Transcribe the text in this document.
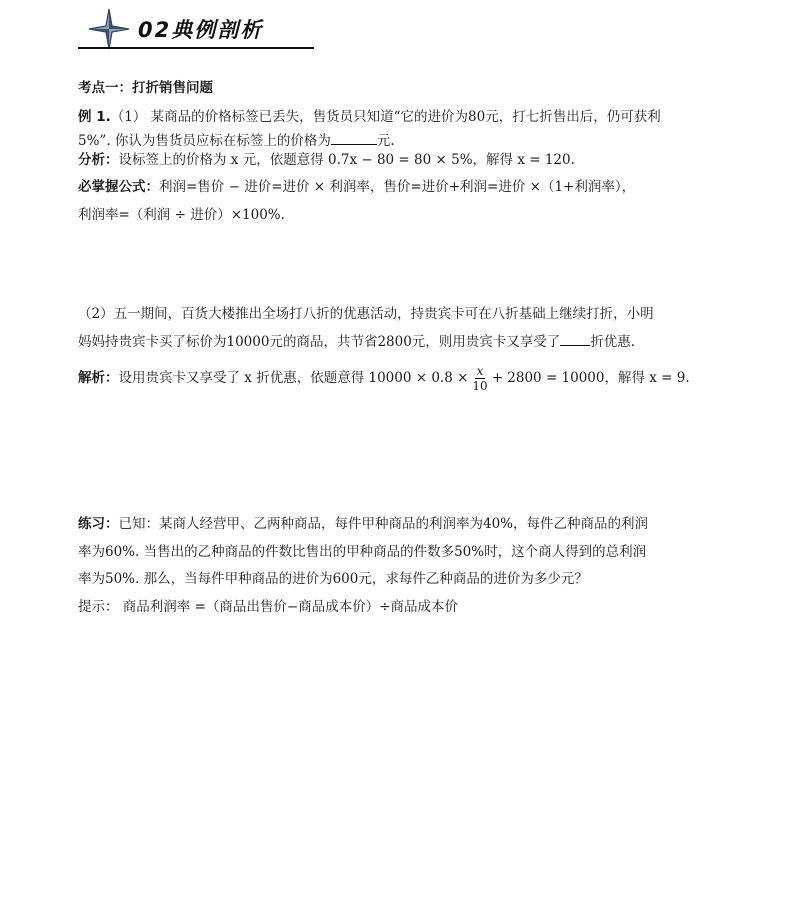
02典例剖析
考点一：打折销售问题
例 1.（1） 某商品的价格标签已丢失，售货员只知道“它的进价为80元，打七折售出后，仍可获利
5%”. 你认为售货员应标在标签上的价格为	元.
分析：设标签上的价格为 x 元，依题意得 0.7x − 80 = 80 × 5%，解得 x = 120.
必掌握公式：利润=售价 − 进价=进价 × 利润率，售价=进价+利润=进价 ×（1+利润率），
利润率=（利润 ÷ 进价）×100%.
（2）五一期间，百货大楼推出全场打八折的优惠活动，持贵宾卡可在八折基础上继续打折，小明
妈妈持贵宾卡买了标价为10000元的商品，共节省2800元，则用贵宾卡又享受了 折优惠.
解析： 设用贵宾卡又享受了 x 折优惠，依题意得 $10000 \times 0.8 \times \frac{x}{10} + 2800 = 10000$，解得 x = 9.
练习：已知：某商人经营甲、乙两种商品，每件甲种商品的利润率为40%，每件乙种商品的利润
率为60%. 当售出的乙种商品的件数比售出的甲种商品的件数多50%时，这个商人得到的总利润
率为50%. 那么，当每件甲种商品的进价为600元，求每件乙种商品的进价为多少元？
提示： 商品利润率 =（商品出售价−商品成本价）÷商品成本价
